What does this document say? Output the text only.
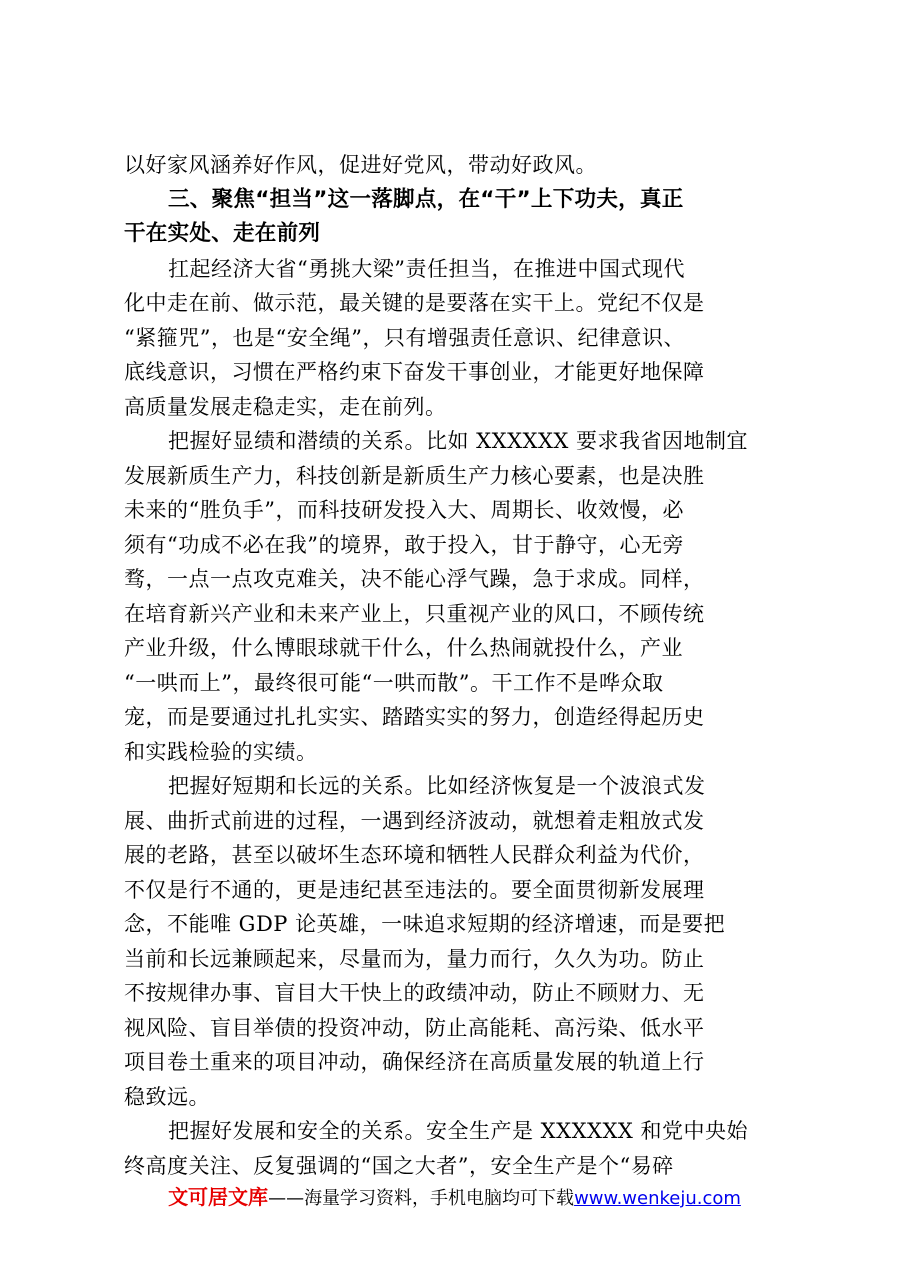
以好家风涵养好作风，促进好党风，带动好政风。
三、聚焦“担当”这一落脚点，在“干”上下功夫，真正
干在实处、走在前列
扛起经济大省“勇挑大梁”责任担当，在推进中国式现代
化中走在前、做示范，最关键的是要落在实干上。党纪不仅是
“紧箍咒”，也是“安全绳”，只有增强责任意识、纪律意识、
底线意识，习惯在严格约束下奋发干事创业，才能更好地保障
高质量发展走稳走实，走在前列。
把握好显绩和潜绩的关系。比如 XXXXXX 要求我省因地制宜
发展新质生产力，科技创新是新质生产力核心要素，也是决胜
未来的“胜负手”，而科技研发投入大、周期长、收效慢，必
须有“功成不必在我”的境界，敢于投入，甘于静守，心无旁
骛，一点一点攻克难关，决不能心浮气躁，急于求成。同样，
在培育新兴产业和未来产业上，只重视产业的风口，不顾传统
产业升级，什么博眼球就干什么，什么热闹就投什么，产业
“一哄而上”，最终很可能“一哄而散”。干工作不是哗众取
宠，而是要通过扎扎实实、踏踏实实的努力，创造经得起历史
和实践检验的实绩。
把握好短期和长远的关系。比如经济恢复是一个波浪式发
展、曲折式前进的过程，一遇到经济波动，就想着走粗放式发
展的老路，甚至以破坏生态环境和牺牲人民群众利益为代价，
不仅是行不通的，更是违纪甚至违法的。要全面贯彻新发展理
念，不能唯 GDP 论英雄，一味追求短期的经济增速，而是要把
当前和长远兼顾起来，尽量而为，量力而行，久久为功。防止
不按规律办事、盲目大干快上的政绩冲动，防止不顾财力、无
视风险、盲目举债的投资冲动，防止高能耗、高污染、低水平
项目卷土重来的项目冲动，确保经济在高质量发展的轨道上行
稳致远。
把握好发展和安全的关系。安全生产是 XXXXXX 和党中央始
终高度关注、反复强调的“国之大者”，安全生产是个“易碎
文可居文库——海量学习资料，手机电脑均可下载www.wenkeju.com
